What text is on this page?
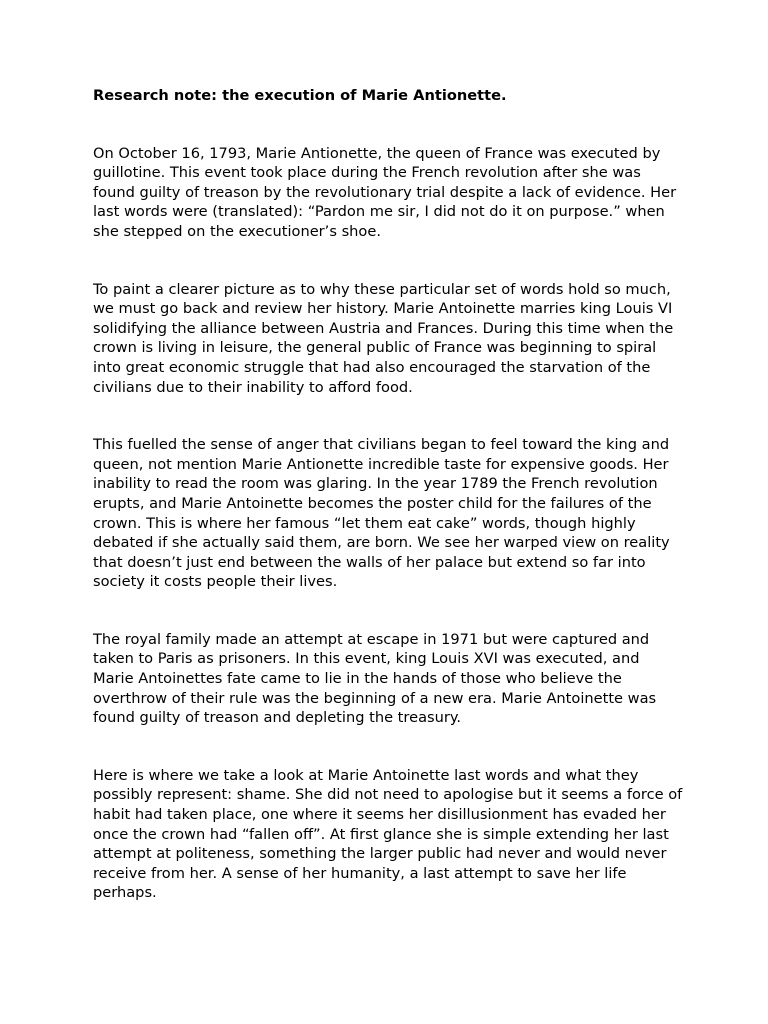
Research note: the execution of Marie Antionette.

On October 16, 1793, Marie Antionette, the queen of France was executed by guillotine. This event took place during the French revolution after she was found guilty of treason by the revolutionary trial despite a lack of evidence. Her last words were (translated): “Pardon me sir, I did not do it on purpose.” when she stepped on the executioner’s shoe.

To paint a clearer picture as to why these particular set of words hold so much, we must go back and review her history. Marie Antoinette marries king Louis VI solidifying the alliance between Austria and Frances. During this time when the crown is living in leisure, the general public of France was beginning to spiral into great economic struggle that had also encouraged the starvation of the civilians due to their inability to afford food.

This fuelled the sense of anger that civilians began to feel toward the king and queen, not mention Marie Antionette incredible taste for expensive goods. Her inability to read the room was glaring. In the year 1789 the French revolution erupts, and Marie Antoinette becomes the poster child for the failures of the crown. This is where her famous “let them eat cake” words, though highly debated if she actually said them, are born. We see her warped view on reality that doesn’t just end between the walls of her palace but extend so far into society it costs people their lives.

The royal family made an attempt at escape in 1971 but were captured and taken to Paris as prisoners. In this event, king Louis XVI was executed, and Marie Antoinettes fate came to lie in the hands of those who believe the overthrow of their rule was the beginning of a new era. Marie Antoinette was found guilty of treason and depleting the treasury.

Here is where we take a look at Marie Antoinette last words and what they possibly represent: shame. She did not need to apologise but it seems a force of habit had taken place, one where it seems her disillusionment has evaded her once the crown had “fallen off”. At first glance she is simple extending her last attempt at politeness, something the larger public had never and would never receive from her. A sense of her humanity, a last attempt to save her life perhaps.
